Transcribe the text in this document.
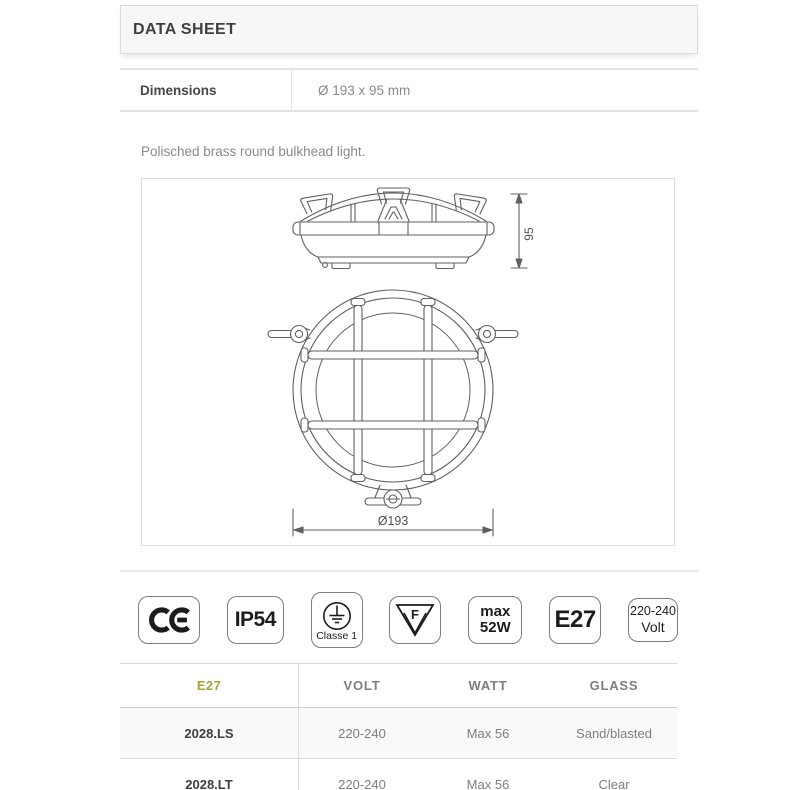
DATA SHEET
Dimensions	Ø 193 x 95 mm
Polisched brass round bulkhead light.
95
Ø193
IP54
Classe 1
F	max
52W E27	220-240
Volt
E27	VOLT	WATT	GLASS
2028.LS	220-240	Max 56	Sand/blasted
2028.LT	220-240	Max 56	Clear
